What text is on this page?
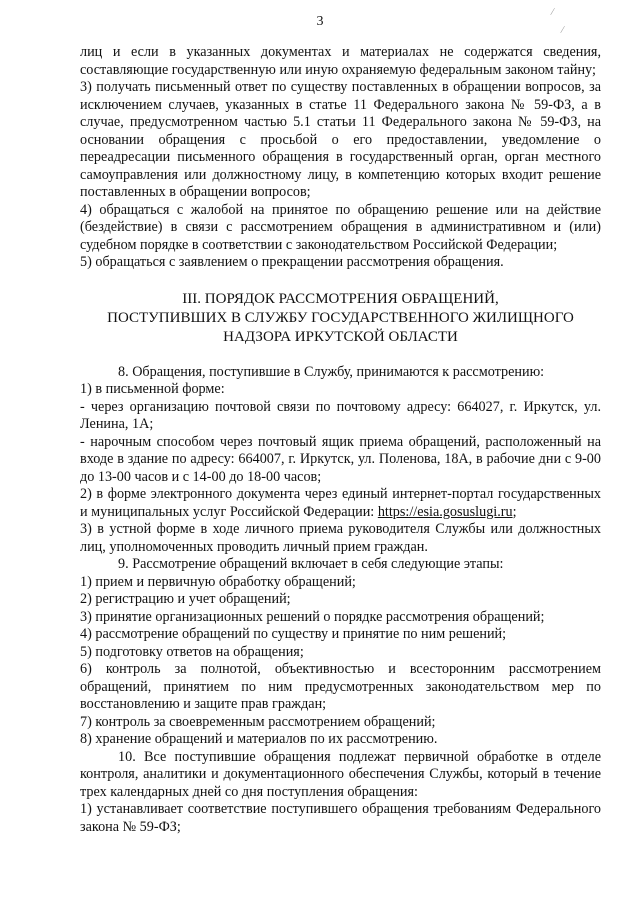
3
/
/

лиц и если в указанных документах и материалах не содержатся сведения, составляющие государственную или иную охраняемую федеральным законом тайну;

3) получать письменный ответ по существу поставленных в обращении вопросов, за исключением случаев, указанных в статье 11 Федерального закона № 59-ФЗ, а в случае, предусмотренном частью 5.1 статьи 11 Федерального закона № 59-ФЗ, на основании обращения с просьбой о его предоставлении, уведомление о переадресации письменного обращения в государственный орган, орган местного самоуправления или должностному лицу, в компетенцию которых входит решение поставленных в обращении вопросов;

4) обращаться с жалобой на принятое по обращению решение или на действие (бездействие) в связи с рассмотрением обращения в административном и (или) судебном порядке в соответствии с законодательством Российской Федерации;

5) обращаться с заявлением о прекращении рассмотрения обращения.

III. ПОРЯДОК РАССМОТРЕНИЯ ОБРАЩЕНИЙ,
ПОСТУПИВШИХ В СЛУЖБУ ГОСУДАРСТВЕННОГО ЖИЛИЩНОГО
НАДЗОРА ИРКУТСКОЙ ОБЛАСТИ

8. Обращения, поступившие в Службу, принимаются к рассмотрению:

1) в письменной форме:

- через организацию почтовой связи по почтовому адресу: 664027, г. Иркутск, ул. Ленина, 1А;

- нарочным способом через почтовый ящик приема обращений, расположенный на входе в здание по адресу: 664007, г. Иркутск, ул. Поленова, 18А, в рабочие дни с 9-00 до 13-00 часов и с 14-00 до 18-00 часов;

2) в форме электронного документа через единый интернет-портал государственных и муниципальных услуг Российской Федерации: https://esia.gosuslugi.ru;

3) в устной форме в ходе личного приема руководителя Службы или должностных лиц, уполномоченных проводить личный прием граждан.

9. Рассмотрение обращений включает в себя следующие этапы:

1) прием и первичную обработку обращений;

2) регистрацию и учет обращений;

3) принятие организационных решений о порядке рассмотрения обращений;

4) рассмотрение обращений по существу и принятие по ним решений;

5) подготовку ответов на обращения;

6) контроль за полнотой, объективностью и всесторонним рассмотрением обращений, принятием по ним предусмотренных законодательством мер по восстановлению и защите прав граждан;

7) контроль за своевременным рассмотрением обращений;

8) хранение обращений и материалов по их рассмотрению.

10. Все поступившие обращения подлежат первичной обработке в отделе контроля, аналитики и документационного обеспечения Службы, который в течение трех календарных дней со дня поступления обращения:

1) устанавливает соответствие поступившего обращения требованиям Федерального закона № 59-ФЗ;
